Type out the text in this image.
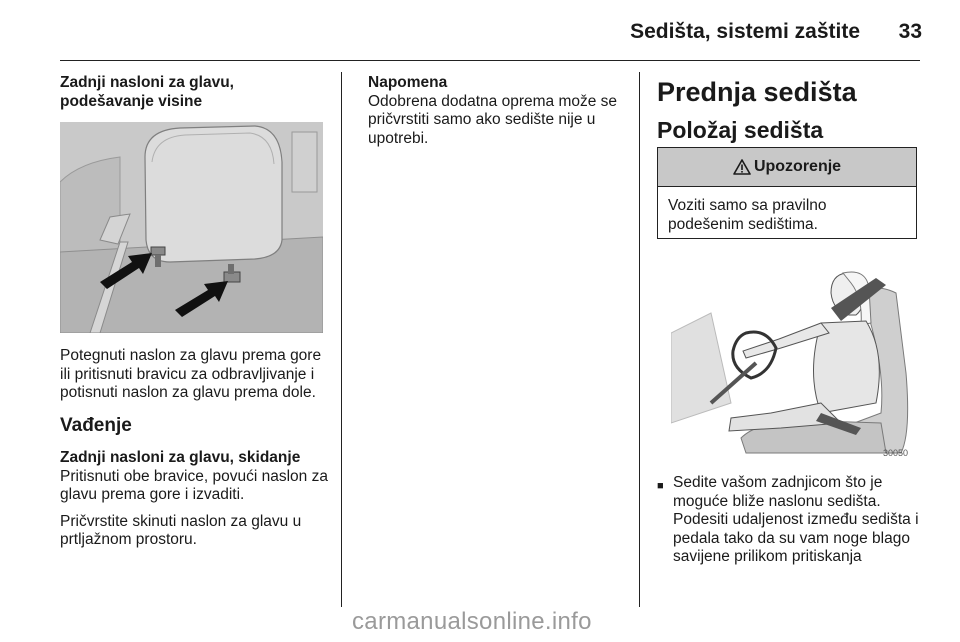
Sedišta, sistemi zaštite	33

Zadnji nasloni za glavu, podešavanje visine

Potegnuti naslon za glavu prema gore ili pritisnuti bravicu za odbravljivanje i potisnuti naslon za glavu prema dole.

Vađenje

Zadnji nasloni za glavu, skidanje

Pritisnuti obe bravice, povući naslon za glavu prema gore i izvaditi.

Pričvrstite skinuti naslon za glavu u prtljažnom prostoru.

Napomena

Odobrena dodatna oprema može se pričvrstiti samo ako sedište nije u upotrebi.

Prednja sedišta

Položaj sedišta

Upozorenje
Voziti samo sa pravilno podešenim sedištima.
30050
■ Sedite vašom zadnjicom što je moguće bliže naslonu sedišta. Podesiti udaljenost između sedišta i pedala tako da su vam noge blago savijene prilikom pritiskanja
carmanualsonline.info
